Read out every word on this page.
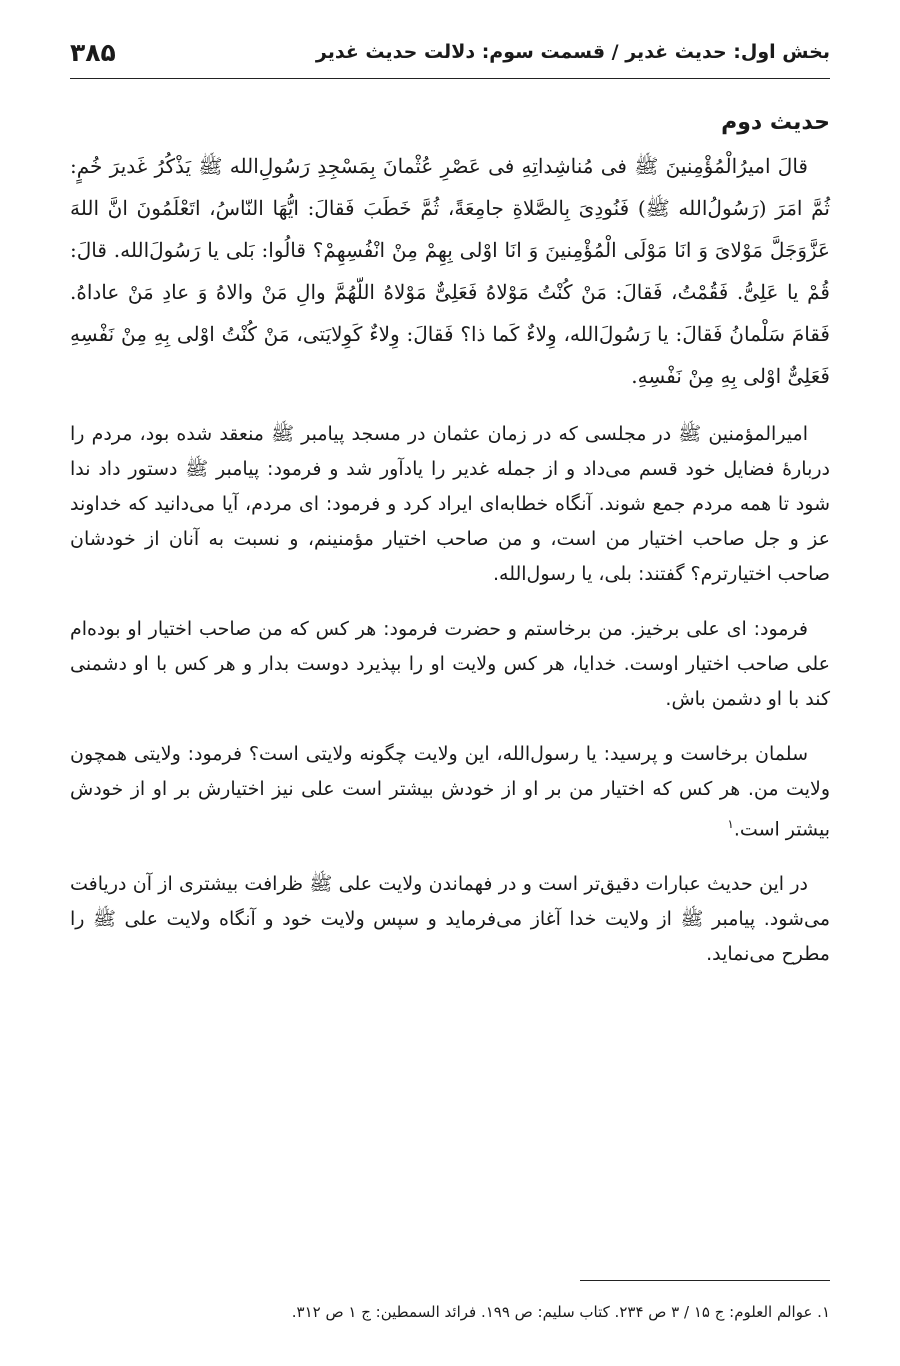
بخش اول: حدیث غدیر / قسمت سوم: دلالت حدیث غدیر
۳۸۵
حدیث دوم

قالَ امیرُالْمُؤْمِنینَ ﷺ فی مُناشِداتِهِ فی عَصْرِ عُثْمانَ بِمَسْجِدِ رَسُولِ‌الله ﷺ یَذْكُرُ غَدیرَ خُمٍ: ثُمَّ امَرَ (رَسُولُ‌الله ﷺ) فَنُودِیَ بِالصَّلاةِ جامِعَةً، ثُمَّ خَطَبَ فَقالَ: ایُّهَا النّاسُ، اتَعْلَمُونَ انَّ اللهَ عَزَّوَجَلَّ مَوْلایَ وَ انَا مَوْلَی الْمُؤْمِنینَ وَ انَا اوْلی بِهِمْ مِنْ انْفُسِهِمْ؟ قالُوا: بَلی یا رَسُولَ‌الله. قالَ: قُمْ یا عَلِیُّ. فَقُمْتُ، فَقالَ: مَنْ كُنْتُ مَوْلاهُ فَعَلِیٌّ مَوْلاهُ اللّهُمَّ والِ مَنْ والاهُ وَ عادِ مَنْ عاداهُ. فَقامَ سَلْمانُ فَقالَ: یا رَسُولَ‌الله، وِلاءٌ كَما ذا؟ فَقالَ: وِلاءٌ كَوِلایَتی، مَنْ كُنْتُ اوْلی بِهِ مِنْ نَفْسِهِ فَعَلِیٌّ اوْلی بِهِ مِنْ نَفْسِهِ.

امیرالمؤمنین ﷺ در مجلسی که در زمان عثمان در مسجد پیامبر ﷺ منعقد شده بود، مردم را دربارهٔ فضایل خود قسم می‌داد و از جمله غدیر را یادآور شد و فرمود: پیامبر ﷺ دستور داد ندا شود تا همه مردم جمع شوند. آنگاه خطابه‌ای ایراد کرد و فرمود: ای مردم، آیا می‌دانید که خداوند عز و جل صاحب اختیار من است، و من صاحب اختیار مؤمنینم، و نسبت به آنان از خودشان صاحب اختیارترم؟ گفتند: بلی، یا رسول‌الله.

فرمود: ای علی برخیز. من برخاستم و حضرت فرمود: هر کس که من صاحب اختیار او بوده‌ام علی صاحب اختیار اوست. خدایا، هر کس ولایت او را بپذیرد دوست بدار و هر کس با او دشمنی کند با او دشمن باش.

سلمان برخاست و پرسید: یا رسول‌الله، این ولایت چگونه ولایتی است؟ فرمود: ولایتی همچون ولایت من. هر کس که اختیار من بر او از خودش بیشتر است علی نیز اختیارش بر او از خودش بیشتر است.$^۱$

در این حدیث عبارات دقیق‌تر است و در فهماندن ولایت علی ﷺ ظرافت بیشتری از آن دریافت می‌شود. پیامبر ﷺ از ولایت خدا آغاز می‌فرماید و سپس ولایت خود و آنگاه ولایت علی ﷺ را مطرح می‌نماید.

۱. عوالم العلوم: ج ۱۵ / ۳ ص ۲۳۴. کتاب سلیم: ص ۱۹۹. فرائد السمطین: ج ۱ ص ۳۱۲.
